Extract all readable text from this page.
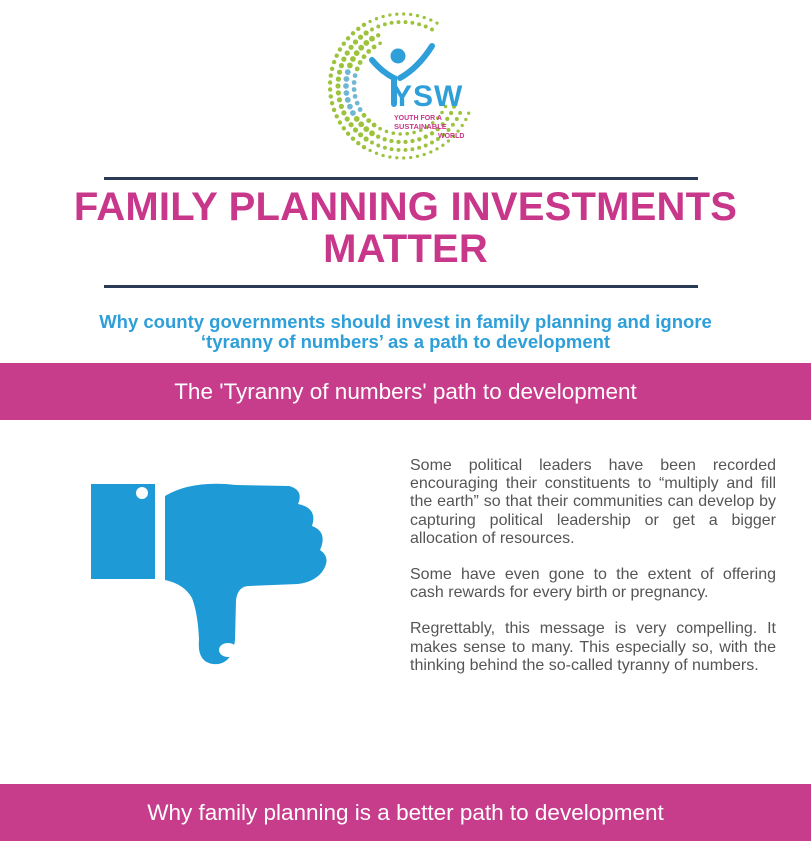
YSW
YOUTH FOR A
SUSTAINABLE
WORLD
FAMILY PLANNING INVESTMENTS
MATTER
Why county governments should invest in family planning and ignore
‘tyranny of numbers’ as a path to development
The 'Tyranny of numbers' path to development

Some political leaders have been recorded encouraging their constituents to “multiply and fill the earth” so that their communities can develop by capturing political leadership or get a bigger allocation of resources.

Some have even gone to the extent of offering cash rewards for every birth or pregnancy.

Regrettably, this message is very compelling. It makes sense to many. This especially so, with the thinking behind the so-called tyranny of numbers.

Why family planning is a better path to development
